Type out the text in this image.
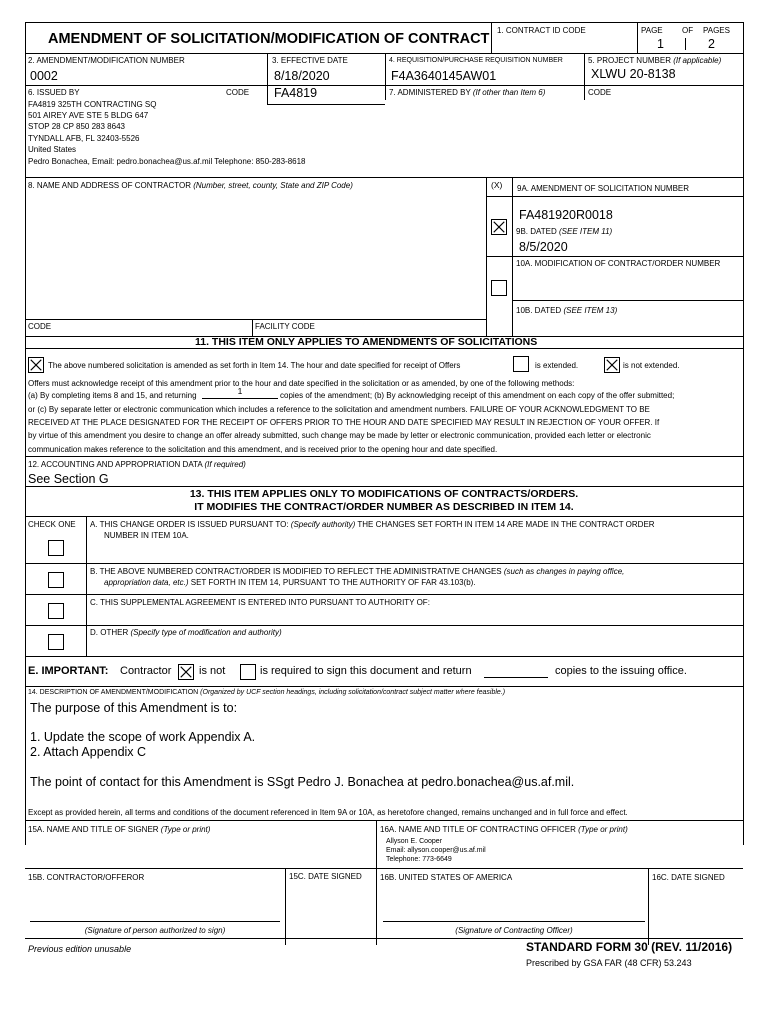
AMENDMENT OF SOLICITATION/MODIFICATION OF CONTRACT
1. CONTRACT ID CODE	PAGE OF PAGES
1	2
2. AMENDMENT/MODIFICATION NUMBER
0002
3. EFFECTIVE DATE
8/18/2020
4. REQUISITION/PURCHASE REQUISITION NUMBER
F4A3640145AW01
5. PROJECT NUMBER (If applicable)
XLWU 20-8138
6. ISSUED BY	CODE FA4819	7. ADMINISTERED BY (If other than Item 6)	CODE
FA4819 325TH CONTRACTING SQ
501 AIREY AVE STE 5 BLDG 647
STOP 28 CP 850 283 8643
TYNDALL AFB, FL 32403-5526
United States
Pedro Bonachea, Email: pedro.bonachea@us.af.mil Telephone: 850-283-8618
8. NAME AND ADDRESS OF CONTRACTOR (Number, street, county, State and ZIP Code)	(X) 9A. AMENDMENT OF SOLICITATION NUMBER
FA481920R0018
9B. DATED (SEE ITEM 11)
8/5/2020
10A. MODIFICATION OF CONTRACT/ORDER NUMBER
10B. DATED (SEE ITEM 13)
CODE	FACILITY CODE
11. THIS ITEM ONLY APPLIES TO AMENDMENTS OF SOLICITATIONS
The above numbered solicitation is amended as set forth in Item 14. The hour and date specified for receipt of Offers	is extended.	is not extended.
Offers must acknowledge receipt of this amendment prior to the hour and date specified in the solicitation or as amended, by one of the following methods:
(a) By completing items 8 and 15, and returning	1	copies of the amendment; (b) By acknowledging receipt of this amendment on each copy of the offer submitted;
or (c) By separate letter or electronic communication which includes a reference to the solicitation and amendment numbers. FAILURE OF YOUR ACKNOWLEDGMENT TO BE
RECEIVED AT THE PLACE DESIGNATED FOR THE RECEIPT OF OFFERS PRIOR TO THE HOUR AND DATE SPECIFIED MAY RESULT IN REJECTION OF YOUR OFFER. If
by virtue of this amendment you desire to change an offer already submitted, such change may be made by letter or electronic communication, provided each letter or electronic
communication makes reference to the solicitation and this amendment, and is received prior to the opening hour and date specified.
12. ACCOUNTING AND APPROPRIATION DATA (If required)
See Section G
13. THIS ITEM APPLIES ONLY TO MODIFICATIONS OF CONTRACTS/ORDERS.
IT MODIFIES THE CONTRACT/ORDER NUMBER AS DESCRIBED IN ITEM 14.
CHECK ONE A. THIS CHANGE ORDER IS ISSUED PURSUANT TO: (Specify authority) THE CHANGES SET FORTH IN ITEM 14 ARE MADE IN THE CONTRACT ORDER
NUMBER IN ITEM 10A.
B. THE ABOVE NUMBERED CONTRACT/ORDER IS MODIFIED TO REFLECT THE ADMINISTRATIVE CHANGES (such as changes in paying office,
appropriation data, etc.) SET FORTH IN ITEM 14, PURSUANT TO THE AUTHORITY OF FAR 43.103(b).
C. THIS SUPPLEMENTAL AGREEMENT IS ENTERED INTO PURSUANT TO AUTHORITY OF:
D. OTHER (Specify type of modification and authority)
E. IMPORTANT: Contractor	is not	is required to sign this document and return	copies to the issuing office.
14. DESCRIPTION OF AMENDMENT/MODIFICATION (Organized by UCF section headings, including solicitation/contract subject matter where feasible.)
The purpose of this Amendment is to:
1. Update the scope of work Appendix A.
2. Attach Appendix C
The point of contact for this Amendment is SSgt Pedro J. Bonachea at pedro.bonachea@us.af.mil.
Except as provided herein, all terms and conditions of the document referenced in Item 9A or 10A, as heretofore changed, remains unchanged and in full force and effect.
15A. NAME AND TITLE OF SIGNER (Type or print)	16A. NAME AND TITLE OF CONTRACTING OFFICER (Type or print)
Allyson E. Cooper
Email: allyson.cooper@us.af.mil
Telephone: 773-6649
15B. CONTRACTOR/OFFEROR	15C. DATE SIGNED 16B. UNITED STATES OF AMERICA	16C. DATE SIGNED
(Signature of person authorized to sign)	(Signature of Contracting Officer)
Previous edition unusable	STANDARD FORM 30 (REV. 11/2016)
Prescribed by GSA FAR (48 CFR) 53.243
